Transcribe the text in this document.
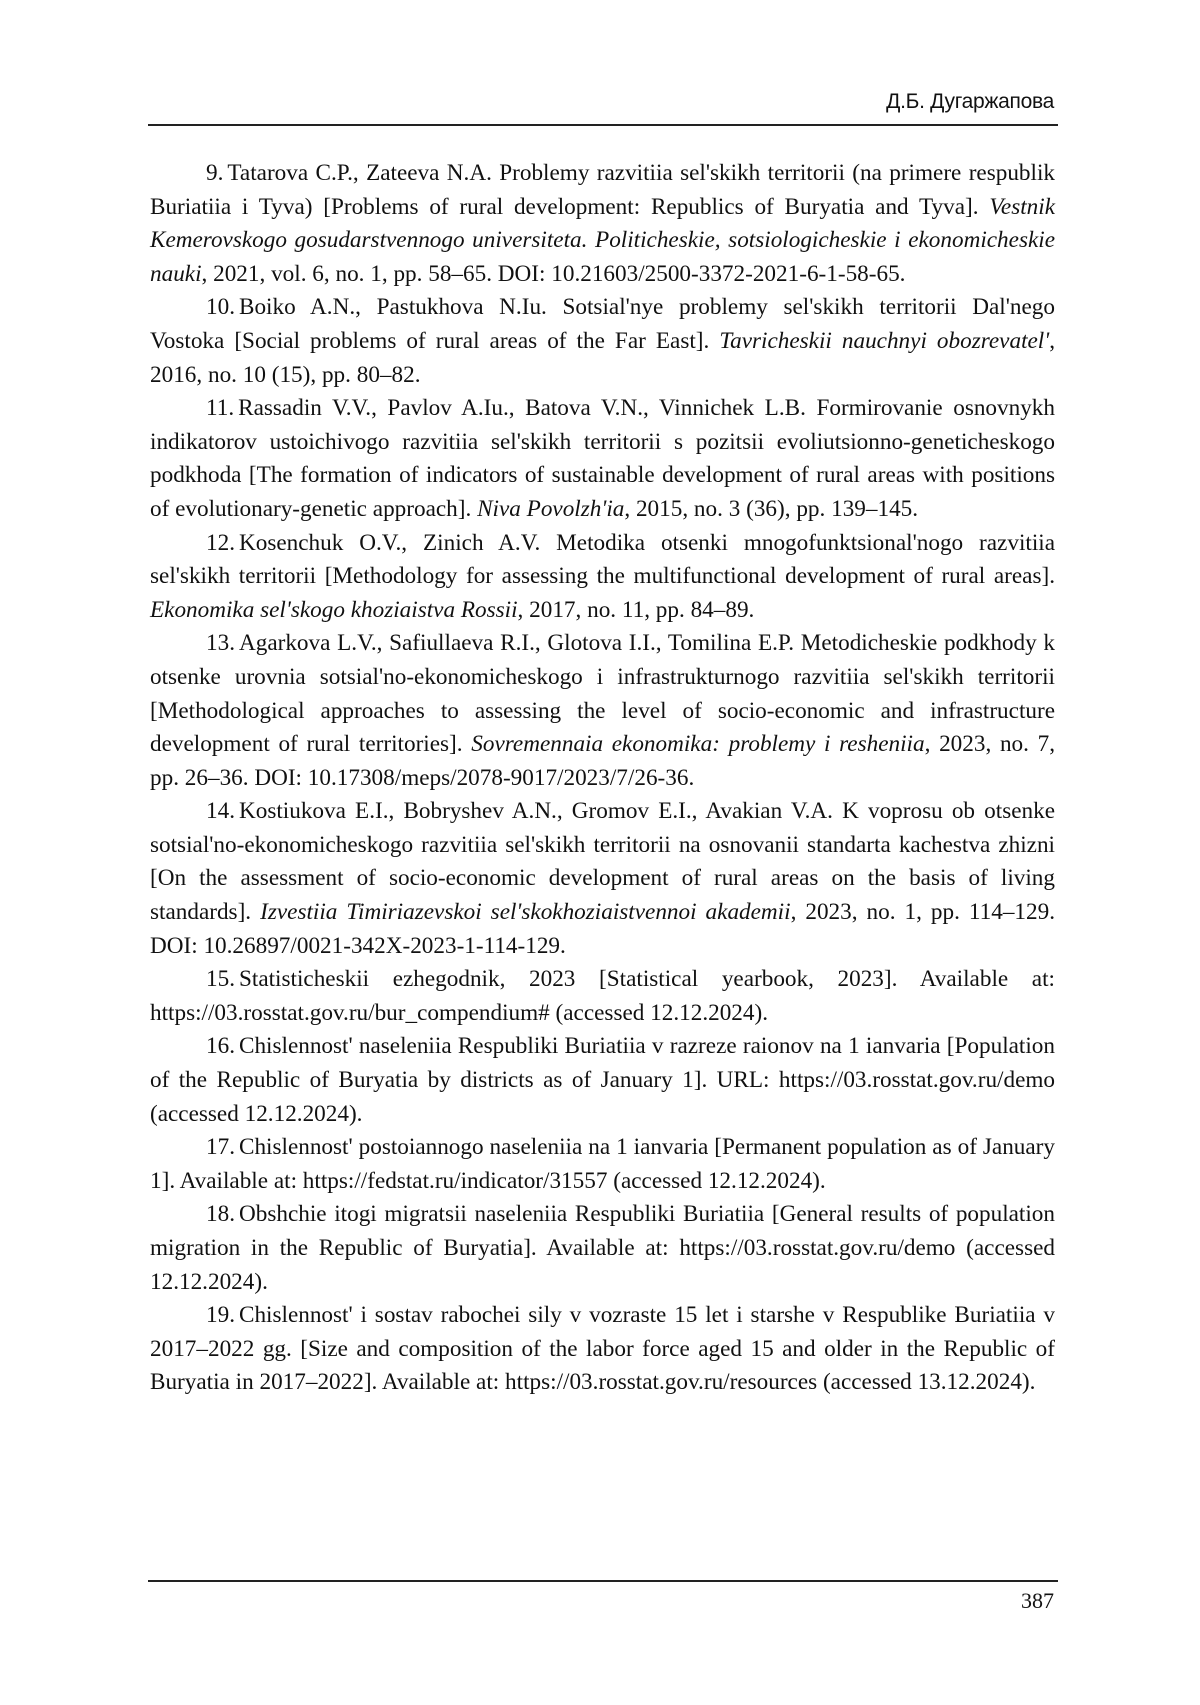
Д.Б. Дугаржапова

9. Tatarova C.P., Zateeva N.A. Problemy razvitiia sel'skikh territorii (na primere respublik Buriatiia i Tyva) [Problems of rural development: Republics of Buryatia and Tyva]. Vestnik Kemerovskogo gosudarstvennogo universiteta. Politicheskie, sotsiologicheskie i ekonomicheskie nauki, 2021, vol. 6, no. 1, pp. 58–65. DOI: 10.21603/2500-3372-2021-6-1-58-65.

10. Boiko A.N., Pastukhova N.Iu. Sotsial'nye problemy sel'skikh territorii Dal'nego Vostoka [Social problems of rural areas of the Far East]. Tavricheskii nauchnyi obozrevatel', 2016, no. 10 (15), pp. 80–82.

11. Rassadin V.V., Pavlov A.Iu., Batova V.N., Vinnichek L.B. Formirovanie osnovnykh indikatorov ustoichivogo razvitiia sel'skikh territorii s pozitsii evoli­utsionno-geneticheskogo podkhoda [The formation of indicators of sustainable devel­opment of rural areas with positions of evolutionary-genetic approach]. Niva Pov­olzh'ia, 2015, no. 3 (36), pp. 139–145.

12. Kosenchuk O.V., Zinich A.V. Metodika otsenki mnogofunktsional'nogo razvitiia sel'skikh territorii [Methodology for assessing the multifunctional develop­ment of rural areas]. Ekonomika sel'skogo khoziaistva Rossii, 2017, no. 11, pp. 84–89.

13. Agarkova L.V., Safiullaeva R.I., Glotova I.I., Tomilina E.P. Metodicheskie podkhody k otsenke urovnia sotsial'no-ekonomicheskogo i infrastrukturnogo razvitiia sel'skikh territorii [Methodological approaches to assessing the level of socio-eco­nomic and infrastructure development of rural territories]. Sovremennaia ekonomika: problemy i resheniia, 2023, no. 7, pp. 26–36. DOI: 10.17308/meps/2078-9017/2023/7/26-36.

14. Kostiukova E.I., Bobryshev A.N., Gromov E.I., Avakian V.A. K voprosu ob otsenke sotsial'no-ekonomicheskogo razvitiia sel'skikh territorii na osnovanii standarta kachestva zhizni [On the assessment of socio-economic development of ru­ral areas on the basis of living standards]. Izvestiia Timiriazevskoi sel'skokhoziaistven­noi akademii, 2023, no. 1, pp. 114–129. DOI: 10.26897/0021-342X-2023-1-114-129.

15. Statisticheskii ezhegodnik, 2023 [Statistical yearbook, 2023]. Available at: https://03.rosstat.gov.ru/bur_compendium# (accessed 12.12.2024).

16. Chislennost' naseleniia Respubliki Buriatiia v razreze raionov na 1 ianvaria [Population of the Republic of Buryatia by districts as of January 1]. URL: https://03.rosstat.gov.ru/demo (accessed 12.12.2024).

17. Chislennost' postoiannogo naseleniia na 1 ianvaria [Permanent population as of January 1]. Available at: https://fedstat.ru/indicator/31557 (accessed 12.12.2024).

18. Obshchie itogi migratsii naseleniia Respubliki Buriatiia [General results of population migration in the Republic of Buryatia]. Available at: https://03.rosstat.­gov.ru/demo (accessed 12.12.2024).

19. Chislennost' i sostav rabochei sily v vozraste 15 let i starshe v Respublike Buriatiia v 2017–2022 gg. [Size and composition of the labor force aged 15 and older in the Republic of Buryatia in 2017–2022]. Available at: https://03.rosstat.gov.ru/­resources (accessed 13.12.2024).

387
